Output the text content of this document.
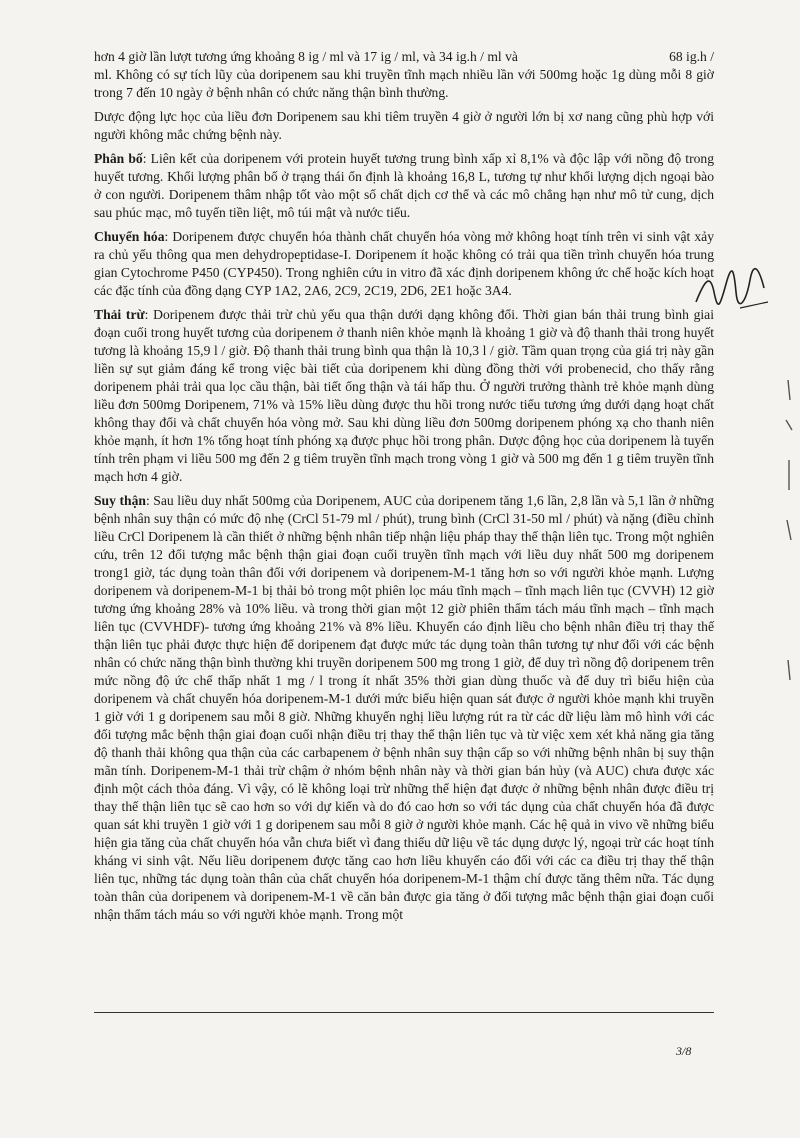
hơn 4 giờ lần lượt tương ứng khoảng 8 ig / ml và 17 ig / ml, và 34 ig.h / ml và	68 ig.h /
ml. Không có sự tích lũy của doripenem sau khi truyền tĩnh mạch nhiều lần với 500mg hoặc 1g dùng mỗi 8 giờ trong 7 đến 10 ngày ở bệnh nhân có chức năng thận bình thường.

Dược động lực học của liều đơn Doripenem sau khi tiêm truyền 4 giờ ở người lớn bị xơ nang cũng phù hợp với người không mắc chứng bệnh này.

Phân bố: Liên kết của doripenem với protein huyết tương trung bình xấp xỉ 8,1% và độc lập với nồng độ trong huyết tương. Khối lượng phân bố ở trạng thái ổn định là khoảng 16,8 L, tương tự như khối lượng dịch ngoại bào ở con người. Doripenem thâm nhập tốt vào một số chất dịch cơ thể và các mô chẳng hạn như mô tử cung, dịch sau phúc mạc, mô tuyến tiền liệt, mô túi mật và nước tiểu.

Chuyển hóa: Doripenem được chuyển hóa thành chất chuyển hóa vòng mở không hoạt tính trên vi sinh vật xảy ra chủ yếu thông qua men dehydropeptidase-I. Doripenem ít hoặc không có trải qua tiền trình chuyển hóa trung gian Cytochrome P450 (CYP450). Trong nghiên cứu in vitro đã xác định doripenem không ức chế hoặc kích hoạt các đặc tính của đồng dạng CYP 1A2, 2A6, 2C9, 2C19, 2D6, 2E1 hoặc 3A4.

Thải trừ: Doripenem được thải trừ chủ yếu qua thận dưới dạng không đổi. Thời gian bán thải trung bình giai đoạn cuối trong huyết tương của doripenem ở thanh niên khỏe mạnh là khoảng 1 giờ và độ thanh thải trong huyết tương là khoảng 15,9 l / giờ. Độ thanh thải trung bình qua thận là 10,3 l / giờ. Tầm quan trọng của giá trị này gần liền sự sụt giảm đáng kể trong việc bài tiết của doripenem khi dùng đồng thời với probenecid, cho thấy rằng doripenem phải trải qua lọc cầu thận, bài tiết ống thận và tái hấp thu. Ở người trưởng thành trẻ khỏe mạnh dùng liều đơn 500mg Doripenem, 71% và 15% liều dùng được thu hồi trong nước tiểu tương ứng dưới dạng hoạt chất không thay đổi và chất chuyển hóa vòng mở. Sau khi dùng liều đơn 500mg doripenem phóng xạ cho thanh niên khỏe mạnh, ít hơn 1% tổng hoạt tính phóng xạ được phục hồi trong phân. Dược động học của doripenem là tuyến tính trên phạm vi liều 500 mg đến 2 g tiêm truyền tĩnh mạch trong vòng 1 giờ và 500 mg đến 1 g tiêm truyền tĩnh mạch hơn 4 giờ.

Suy thận: Sau liều duy nhất 500mg của Doripenem, AUC của doripenem tăng 1,6 lần, 2,8 lần và 5,1 lần ở những bệnh nhân suy thận có mức độ nhẹ (CrCl 51-79 ml / phút), trung bình (CrCl 31-50 ml / phút) và nặng (điều chỉnh liều CrCl Doripenem là cần thiết ở những bệnh nhân tiếp nhận liệu pháp thay thế thận liên tục. Trong một nghiên cứu, trên 12 đối tượng mắc bệnh thận giai đoạn cuối truyền tĩnh mạch với liều duy nhất 500 mg doripenem trong1 giờ, tác dụng toàn thân đối với doripenem và doripenem-M-1 tăng hơn so với người khỏe mạnh. Lượng doripenem và doripenem-M-1 bị thải bỏ trong một phiên lọc máu tĩnh mạch – tĩnh mạch liên tục (CVVH) 12 giờ tương ứng khoảng 28% và 10% liều. và trong thời gian một 12 giờ phiên thẩm tách máu tĩnh mạch – tĩnh mạch liên tục (CVVHDF)- tương ứng khoảng 21% và 8% liều. Khuyến cáo định liều cho bệnh nhân điều trị thay thế thận liên tục phải được thực hiện để doripenem đạt được mức tác dụng toàn thân tương tự như đối với các bệnh nhân có chức năng thận bình thường khi truyền doripenem 500 mg trong 1 giờ, để duy trì nồng độ doripenem trên mức nồng độ ức chế thấp nhất 1 mg / l trong ít nhất 35% thời gian dùng thuốc và để duy trì biểu hiện của doripenem và chất chuyển hóa doripenem-M-1 dưới mức biểu hiện quan sát được ở người khỏe mạnh khi truyền 1 giờ với 1 g doripenem sau mỗi 8 giờ. Những khuyến nghị liều lượng rút ra từ các dữ liệu làm mô hình với các đối tượng mắc bệnh thận giai đoạn cuối nhận điều trị thay thế thận liên tục và từ việc xem xét khả năng gia tăng độ thanh thải không qua thận của các carbapenem ở bệnh nhân suy thận cấp so với những bệnh nhân bị suy thận mãn tính. Doripenem-M-1 thải trừ chậm ở nhóm bệnh nhân này và thời gian bán hủy (và AUC) chưa được xác định một cách thỏa đáng. Vì vậy, có lẽ không loại trừ những thể hiện đạt được ở những bệnh nhân được điều trị thay thế thận liên tục sẽ cao hơn so với dự kiến và do đó cao hơn so với tác dụng của chất chuyển hóa đã được quan sát khi truyền 1 giờ với 1 g doripenem sau mỗi 8 giờ ở người khỏe mạnh. Các hệ quả in vivo về những biểu hiện gia tăng của chất chuyển hóa vẫn chưa biết vì đang thiếu dữ liệu về tác dụng dược lý, ngoại trừ các hoạt tính kháng vi sinh vật. Nếu liều doripenem được tăng cao hơn liều khuyến cáo đối với các ca điều trị thay thế thận liên tục, những tác dụng toàn thân của chất chuyển hóa doripenem-M-1 thậm chí được tăng thêm nữa. Tác dụng toàn thân của doripenem và doripenem-M-1 về căn bản được gia tăng ở đối tượng mắc bệnh thận giai đoạn cuối nhận thẩm tách máu so với người khỏe mạnh. Trong một

3/8
